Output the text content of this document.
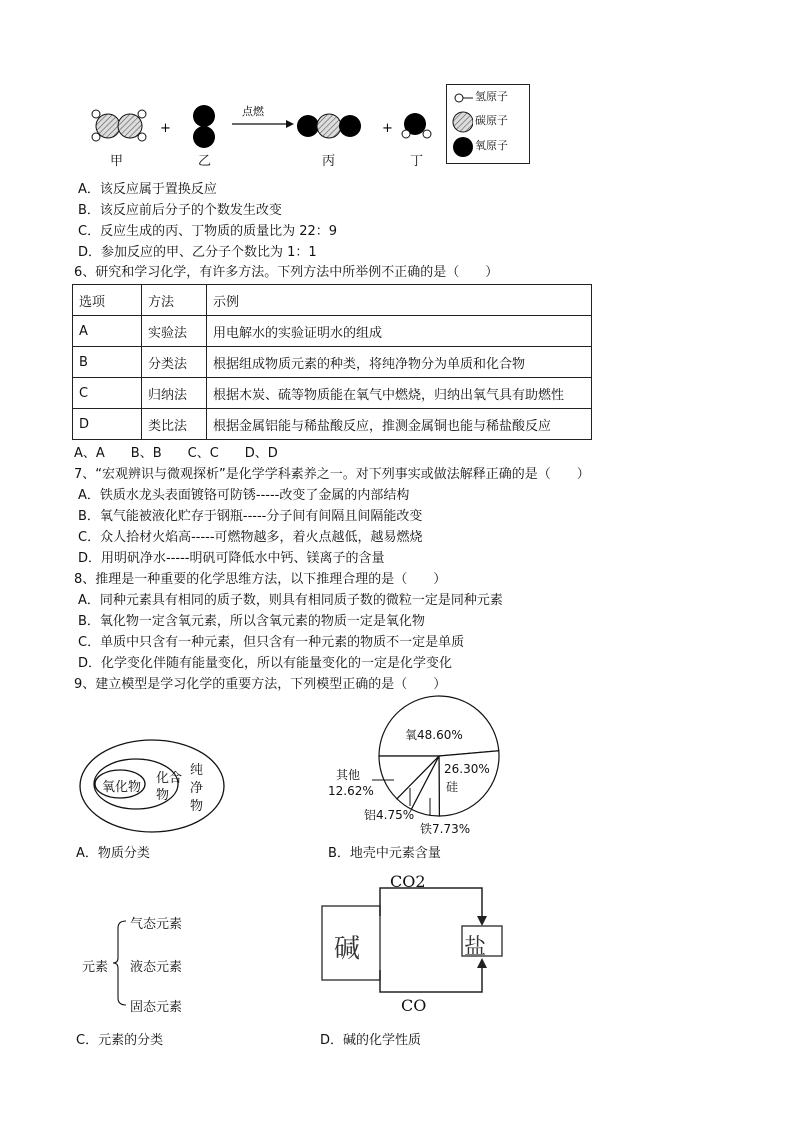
+
点燃
+
甲	乙	丙	丁
氢原子
碳原子
氧原子
A．该反应属于置换反应
B．该反应前后分子的个数发生改变
C．反应生成的丙、丁物质的质量比为 22：9
D．参加反应的甲、乙分子个数比为 1：1
6、研究和学习化学，有许多方法。下列方法中所举例不正确的是（　　）
选项	方法	示例
A	实验法	用电解水的实验证明水的组成
B	分类法	根据组成物质元素的种类，将纯净物分为单质和化合物
C	归纳法	根据木炭、硫等物质能在氧气中燃烧，归纳出氧气具有助燃性
D	类比法	根据金属铝能与稀盐酸反应，推测金属铜也能与稀盐酸反应
A、A　　B、B　　C、C　　D、D
7、“宏观辨识与微观探析”是化学学科素养之一。对下列事实或做法解释正确的是（　　）
A．铁质水龙头表面镀铬可防锈-----改变了金属的内部结构
B．氧气能被液化贮存于钢瓶-----分子间有间隔且间隔能改变
C．众人拾材火焰高-----可燃物越多，着火点越低，越易燃烧
D．用明矾净水-----明矾可降低水中钙、镁离子的含量
8、推理是一种重要的化学思维方法，以下推理合理的是（　　）
A．同种元素具有相同的质子数，则具有相同质子数的微粒一定是同种元素
B．氧化物一定含氧元素，所以含氧元素的物质一定是氧化物
C．单质中只含有一种元素，但只含有一种元素的物质不一定是单质
D．化学变化伴随有能量变化，所以有能量变化的一定是化学变化
9、建立模型是学习化学的重要方法，下列模型正确的是（　　）
氧化物
化合物
纯净物
氧48.60%
26.30%
硅
其他
12.62%
铝4.75%
铁7.73%
元素
气态元素
液态元素
固态元素
CO2
CO
碱	盐
A．物质分类	B．地壳中元素含量
C．元素的分类	D．碱的化学性质
